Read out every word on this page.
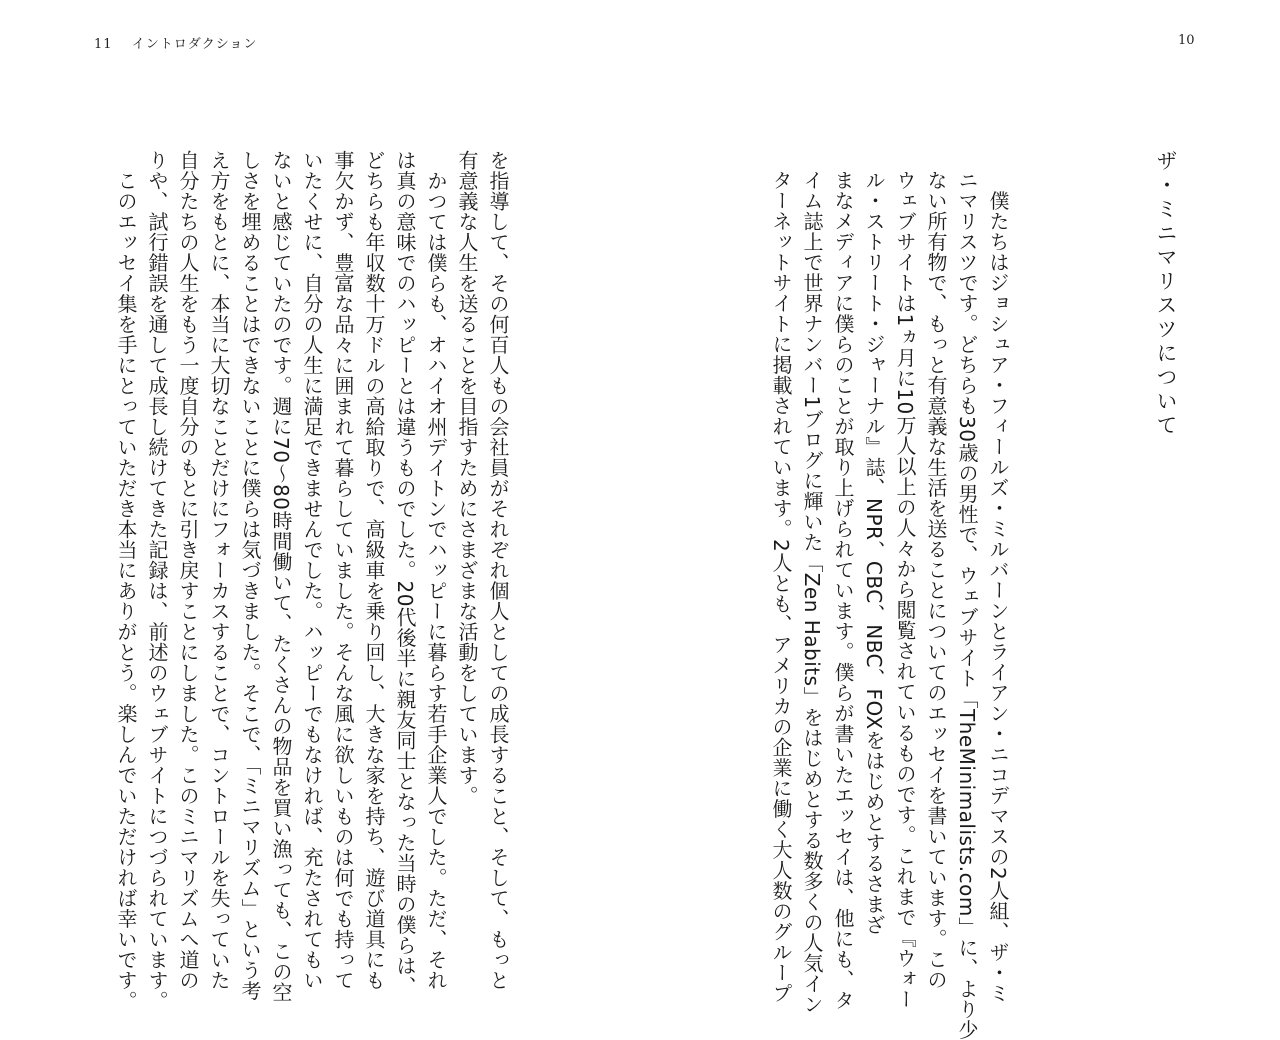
11 イントロダクション	10
ザ・ミニマリスツについて
　僕たちはジョシュア・フィールズ・ミルバーンとライアン・ニコデマスの2人組、ザ・ミ
ニマリスツです。どちらも30歳の男性で、ウェブサイト「TheMinimalists.com」に、より少
ない所有物で、もっと有意義な生活を送ることについてのエッセイを書いています。この
ウェブサイトは1ヵ月に10万人以上の人々から閲覧されているものです。これまで『ウォー
ル・ストリート・ジャーナル』誌、NPR、CBC、NBC、FOXをはじめとするさまざ
まなメディアに僕らのことが取り上げられています。僕らが書いたエッセイは、他にも、タ
イム誌上で世界ナンバー1ブログに輝いた「Zen Habits」をはじめとする数多くの人気イン
ターネットサイトに掲載されています。2人とも、アメリカの企業に働く大人数のグループ
を指導して、その何百人もの会社員がそれぞれ個人としての成長すること、そして、もっと
有意義な人生を送ることを目指すためにさまざまな活動をしています。
　かつては僕らも、オハイオ州デイトンでハッピーに暮らす若手企業人でした。ただ、それ
は真の意味でのハッピーとは違うものでした。20代後半に親友同士となった当時の僕らは、
どちらも年収数十万ドルの高給取りで、高級車を乗り回し、大きな家を持ち、遊び道具にも
事欠かず、豊富な品々に囲まれて暮らしていました。そんな風に欲しいものは何でも持って
いたくせに、自分の人生に満足できませんでした。ハッピーでもなければ、充たされてもい
ないと感じていたのです。週に70～80時間働いて、たくさんの物品を買い漁っても、この空
しさを埋めることはできないことに僕らは気づきました。そこで、「ミニマリズム」という考
え方をもとに、本当に大切なことだけにフォーカスすることで、コントロールを失っていた
自分たちの人生をもう一度自分のもとに引き戻すことにしました。このミニマリズムへ道の
りや、試行錯誤を通して成長し続けてきた記録は、前述のウェブサイトにつづられています。
　このエッセイ集を手にとっていただき本当にありがとう。楽しんでいただければ幸いです。
